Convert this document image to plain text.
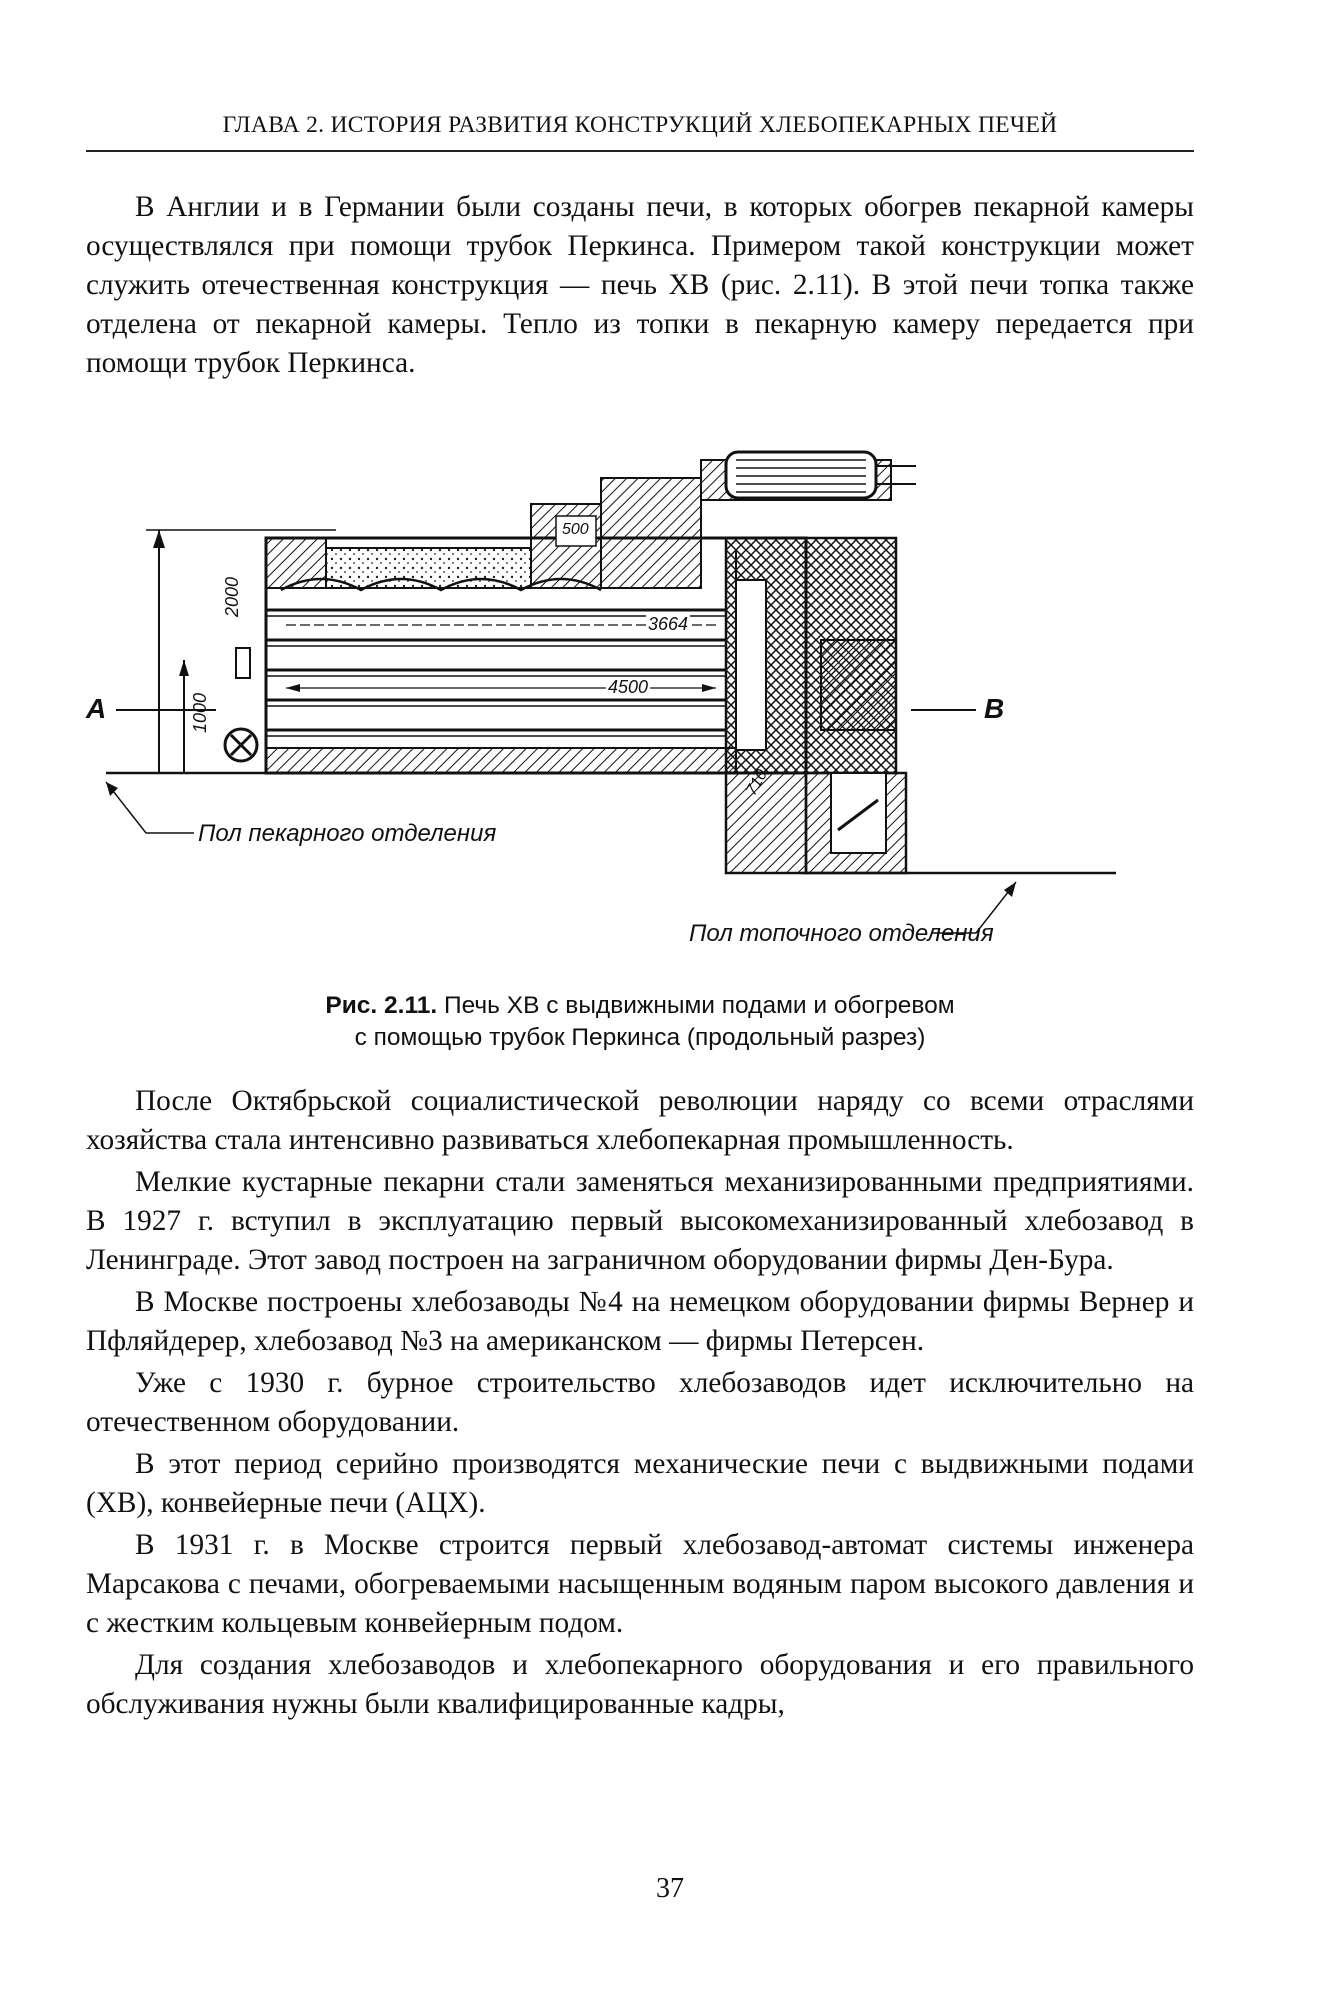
ГЛАВА 2. ИСТОРИЯ РАЗВИТИЯ КОНСТРУКЦИЙ ХЛЕБОПЕКАРНЫХ ПЕЧЕЙ

В Англии и в Германии были созданы печи, в которых обогрев пекарной камеры осуществлялся при помощи трубок Перкинса. Примером такой конструкции может служить отечественная конструкция — печь ХВ (рис. 2.11). В этой печи топка также отделена от пекарной камеры. Тепло из топки в пекарную камеру передается при помощи трубок Перкинса.

2000
1000
3664
4500
500
710
А	В
Пол пекарного отделения
Пол топочного отделения
Рис. 2.11. Печь ХВ с выдвижными подами и обогревом
с помощью трубок Перкинса (продольный разрез)

После Октябрьской социалистической революции наряду со всеми отраслями хозяйства стала интенсивно развиваться хлебопекарная промышленность.

Мелкие кустарные пекарни стали заменяться механизированными предприятиями. В 1927 г. вступил в эксплуатацию первый высокомеханизированный хлебозавод в Ленинграде. Этот завод построен на заграничном оборудовании фирмы Ден-Бура.

В Москве построены хлебозаводы №4 на немецком оборудовании фирмы Вернер и Пфляйдерер, хлебозавод №3 на американском — фирмы Петерсен.

Уже с 1930 г. бурное строительство хлебозаводов идет исключительно на отечественном оборудовании.

В этот период серийно производятся механические печи с выдвижными подами (ХВ), конвейерные печи (АЦХ).

В 1931 г. в Москве строится первый хлебозавод-автомат системы инженера Марсакова с печами, обогреваемыми насыщенным водяным паром высокого давления и с жестким кольцевым конвейерным подом.

Для создания хлебозаводов и хлебопекарного оборудования и его правильного обслуживания нужны были квалифицированные кадры,

37
